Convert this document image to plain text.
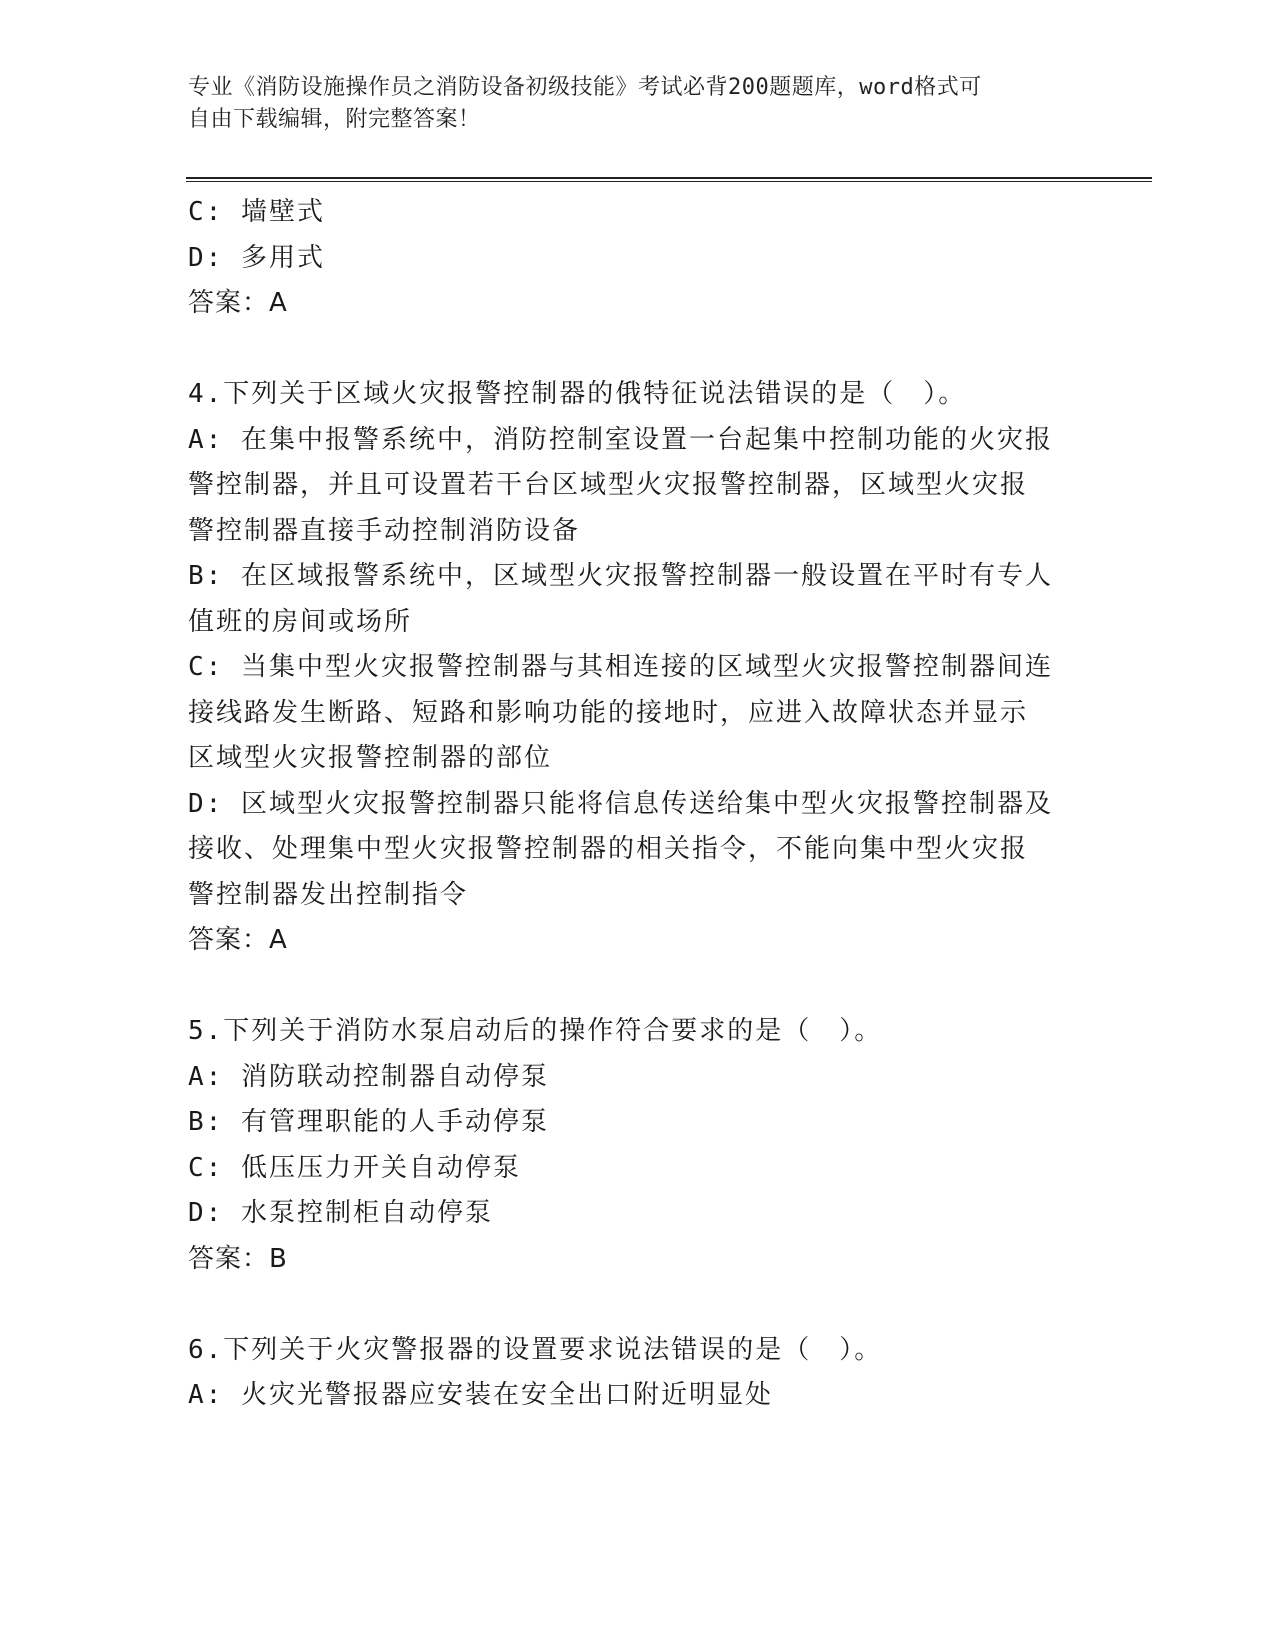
专业《消防设施操作员之消防设备初级技能》考试必背200题题库，word格式可
自由下载编辑，附完整答案！
C: 墙壁式
D: 多用式
答案：A
4.下列关于区域火灾报警控制器的俄特征说法错误的是（　）。
A: 在集中报警系统中，消防控制室设置一台起集中控制功能的火灾报
警控制器，并且可设置若干台区域型火灾报警控制器，区域型火灾报
警控制器直接手动控制消防设备
B: 在区域报警系统中，区域型火灾报警控制器一般设置在平时有专人
值班的房间或场所
C: 当集中型火灾报警控制器与其相连接的区域型火灾报警控制器间连
接线路发生断路、短路和影响功能的接地时，应进入故障状态并显示
区域型火灾报警控制器的部位
D: 区域型火灾报警控制器只能将信息传送给集中型火灾报警控制器及
接收、处理集中型火灾报警控制器的相关指令，不能向集中型火灾报
警控制器发出控制指令
答案：A
5.下列关于消防水泵启动后的操作符合要求的是（　）。
A: 消防联动控制器自动停泵
B: 有管理职能的人手动停泵
C: 低压压力开关自动停泵
D: 水泵控制柜自动停泵
答案：B
6.下列关于火灾警报器的设置要求说法错误的是（　）。
A: 火灾光警报器应安装在安全出口附近明显处
